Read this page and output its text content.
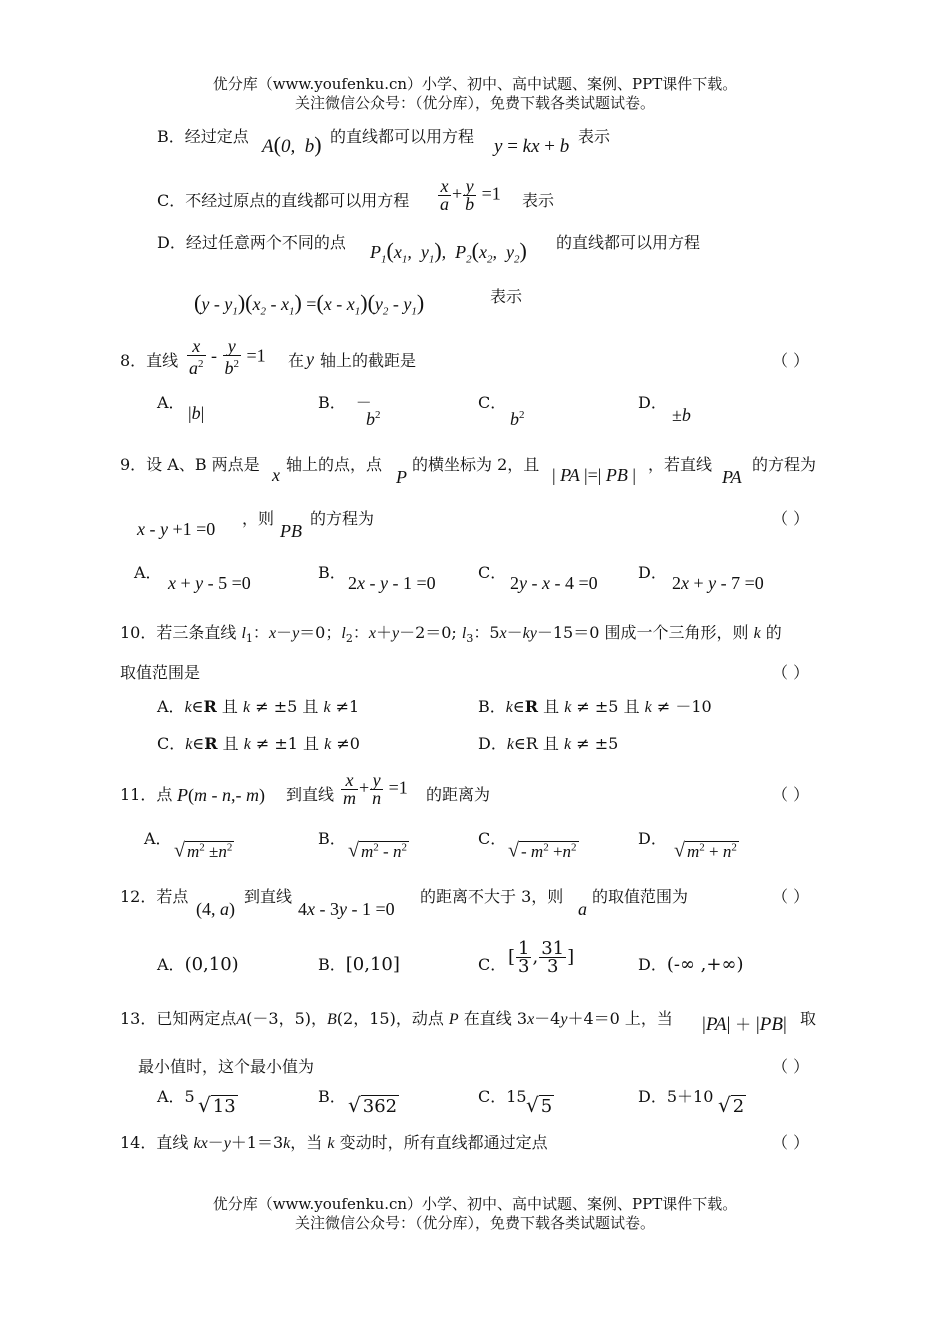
优分库（www.youfenku.cn）小学、初中、高中试题、案例、PPT课件下载。
关注微信公众号：（优分库），免费下载各类试题试卷。
B．经过定点 A(0,  b) 的直线都可以用方程 y = kx + b 表示
C．不经过原点的直线都可以用方程 $\frac{x}{a} + \frac{y}{b} =1$ 表示
D．经过任意两个不同的点 $P_1(x_1$,  $y_1$),  $P_2(x_2$,  $y_2$) 的直线都可以用方程
$(y - y_1)(x_2 - x_1) =(x - x_1)(y_2 - y_1)$	表示
8．直线 $\frac{x}{a^2} - \frac{y}{b^2} =1$ 在 y 轴上的截距是	（ ）
A．
|b|
B． －
$b^2$
C．
$b^2$
D．
±b
9．设 A、B 两点是
x
轴上的点，点
P
的横坐标为 2，且
| PA |=| PB |
，若直线
PA
的方程为
x - y +1 =0
，则
PB
的方程为	（ ）
A．
x + y - 5 =0
B．
2x - y - 1 =0
C．
2y - x - 4 =0
D．
2x + y - 7 =0
10．若三条直线 $l_1$：x－y＝0；$l_2$：x＋y－2＝0; $l_3$：5x－ky－15＝0 围成一个三角形，则 k 的
取值范围是	（ ）
A．k∈R 且 k ≠ ±5 且 k ≠1	B．k∈R 且 k ≠ ±5 且 k ≠ －10
C．k∈R 且 k ≠ ±1 且 k ≠0	D．k∈R 且 k ≠ ±5
11．点 P(m - n,- m) 到直线 $\frac{x}{m} + \frac{y}{n} =1$ 的距离为	（ ）
A．
√ $m^2 \pm n^2$	B．
√ $m^2 - n^2$	C．
√ - $m^2 +n^2$	D．
√ $m^2 + n^2$
12．若点
(4, a)
到直线
4x - 3y - 1 =0
的距离不大于 3，则
a
的取值范围为	（ ）
A．(0,10)	B．[0,10]	C． [ $\frac{1}{3}$ , $\frac{31}{3}$ ]	D．(-∞ ,+∞)
13．已知两定点A(－3，5)，B(2，15)，动点 P 在直线 3x－4y＋4＝0 上，当 |PA| ＋ |PB| 取
最小值时，这个最小值为	（ ）
A．5 √ 13	B． √ 362	C．15 √ 5	D．5＋10 √ 2
14．直线 kx－y＋1＝3k，当 k 变动时，所有直线都通过定点	（ ）
优分库（www.youfenku.cn）小学、初中、高中试题、案例、PPT课件下载。
关注微信公众号：（优分库），免费下载各类试题试卷。
